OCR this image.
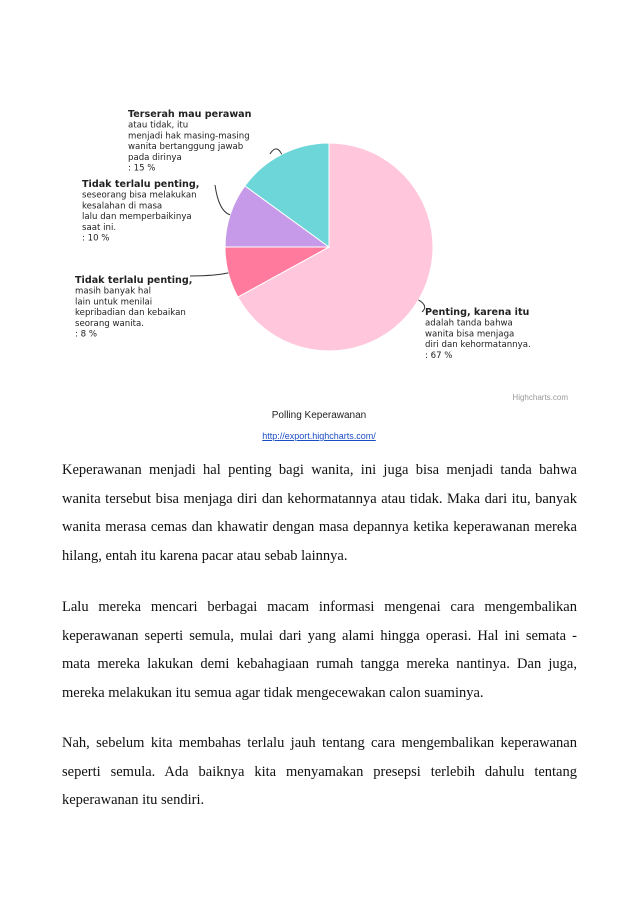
Penting, karena itu adalah tanda bahwa wanita bisa menjaga diri dan kehormatannya. : 67 %
Tidak terlalu penting, masih banyak hal lain untuk menilai kepribadian dan kebaikan seorang wanita. : 8 %
Tidak terlalu penting, seseorang bisa melakukan kesalahan di masa lalu dan memperbaikinya saat ini. : 10 %
Terserah mau perawan atau tidak, itu menjadi hak masing-masing wanita bertanggung jawab pada dirinya : 15 %
Highcharts.com
Polling Keperawanan
http://export.highcharts.com/

Keperawanan menjadi hal penting bagi wanita, ini juga bisa menjadi tanda bahwa wanita tersebut bisa menjaga diri dan kehormatannya atau tidak. Maka dari itu, banyak wanita merasa cemas dan khawatir dengan masa depannya ketika keperawanan mereka hilang, entah itu karena pacar atau sebab lainnya.

Lalu mereka mencari berbagai macam informasi mengenai cara mengembalikan keperawanan seperti semula, mulai dari yang alami hingga operasi. Hal ini semata - mata mereka lakukan demi kebahagiaan rumah tangga mereka nantinya. Dan juga, mereka melakukan itu semua agar tidak mengecewakan calon suaminya.

Nah, sebelum kita membahas terlalu jauh tentang cara mengembalikan keperawanan seperti semula. Ada baiknya kita menyamakan presepsi terlebih dahulu tentang keperawanan itu sendiri.
